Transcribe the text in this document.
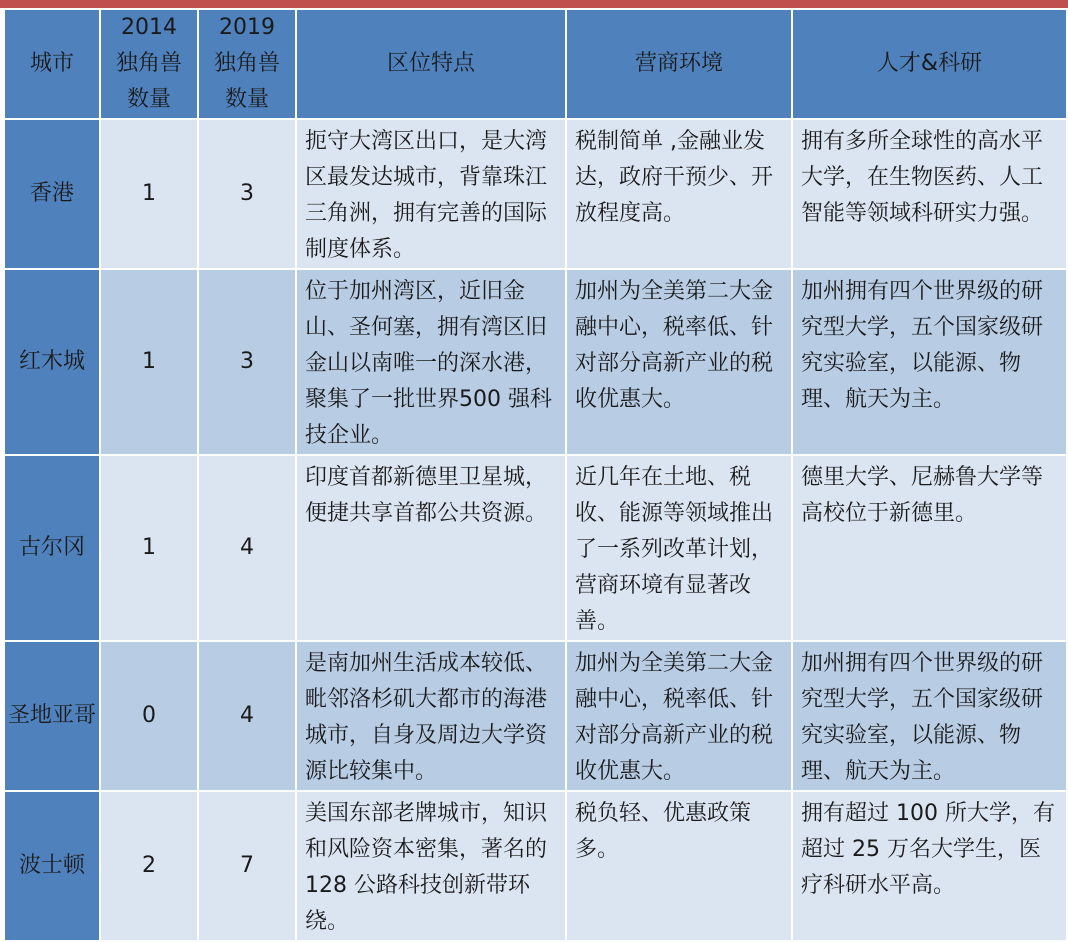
城市	2014
独角兽
数量	2019
独角兽
数量	区位特点	营商环境	人才&科研
香港	1	3	扼守大湾区出口，是大湾区最发达城市，背靠珠江三角洲，拥有完善的国际制度体系。	税制简单 ,金融业发达，政府干预少、开放程度高。	拥有多所全球性的高水平大学，在生物医药、人工智能等领域科研实力强。
红木城	1	3	位于加州湾区，近旧金山、圣何塞，拥有湾区旧金山以南唯一的深水港，聚集了一批世界500 强科技企业。	加州为全美第二大金融中心，税率低、针对部分高新产业的税收优惠大。	加州拥有四个世界级的研究型大学，五个国家级研究实验室，以能源、物理、航天为主。
古尔冈	1	4	印度首都新德里卫星城，便捷共享首都公共资源。	近几年在土地、税收、能源等领域推出了一系列改革计划，营商环境有显著改善。	德里大学、尼赫鲁大学等高校位于新德里。
圣地亚哥	0	4	是南加州生活成本较低、毗邻洛杉矶大都市的海港城市，自身及周边大学资源比较集中。	加州为全美第二大金融中心，税率低、针对部分高新产业的税收优惠大。	加州拥有四个世界级的研究型大学，五个国家级研究实验室，以能源、物理、航天为主。
波士顿	2	7	美国东部老牌城市，知识和风险资本密集，著名的 128 公路科技创新带环绕。	税负轻、优惠政策多。	拥有超过 100 所大学，有超过 25 万名大学生，医疗科研水平高。
